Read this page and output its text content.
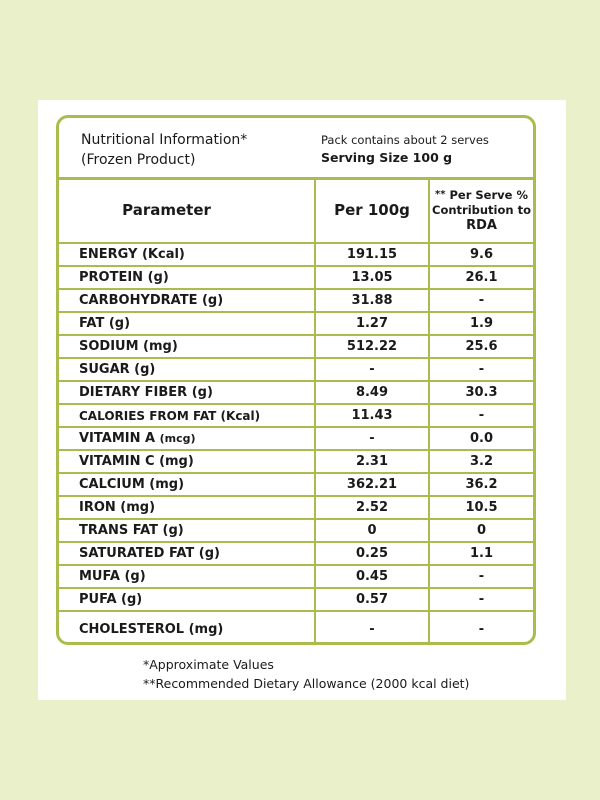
Nutritional Information*
(Frozen Product)
Pack contains about 2 serves
Serving Size 100 g
Parameter	Per 100g	** Per Serve %
Contribution to
RDA

ENERGY (Kcal)	191.15	9.6
PROTEIN (g)	13.05	26.1
CARBOHYDRATE (g)	31.88	-
FAT (g)	1.27	1.9
SODIUM (mg)	512.22	25.6
SUGAR (g)	-	-
DIETARY FIBER (g)	8.49	30.3
CALORIES FROM FAT (Kcal)	11.43	-
VITAMIN A (mcg)	-	0.0
VITAMIN C (mg)	2.31	3.2
CALCIUM (mg)	362.21	36.2
IRON (mg)	2.52	10.5
TRANS FAT (g)	0	0
SATURATED FAT (g)	0.25	1.1
MUFA (g)	0.45	-
PUFA (g)	0.57	-
CHOLESTEROL (mg)	-	-
*Approximate Values
**Recommended Dietary Allowance (2000 kcal diet)
